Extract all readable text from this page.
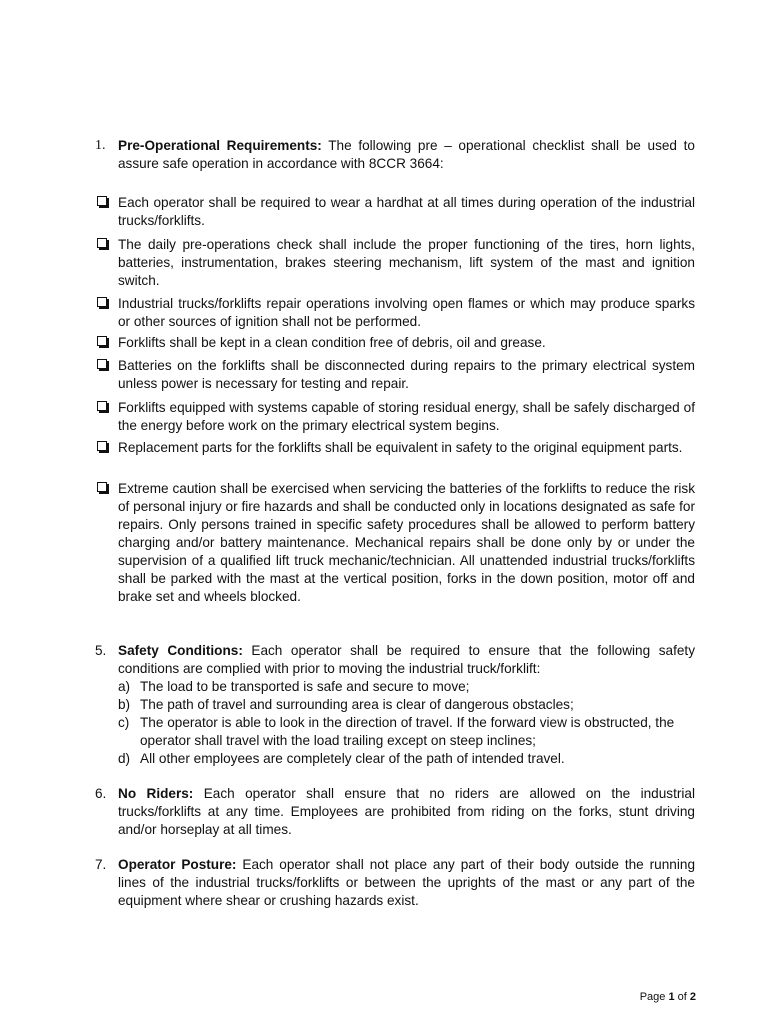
1. Pre-Operational Requirements: The following pre – operational checklist shall be used to assure safe operation in accordance with 8CCR 3664:
Each operator shall be required to wear a hardhat at all times during operation of the industrial trucks/forklifts.
The daily pre-operations check shall include the proper functioning of the tires, horn lights, batteries, instrumentation, brakes steering mechanism, lift system of the mast and ignition switch.
Industrial trucks/forklifts repair operations involving open flames or which may produce sparks or other sources of ignition shall not be performed.
Forklifts shall be kept in a clean condition free of debris, oil and grease.
Batteries on the forklifts shall be disconnected during repairs to the primary electrical system unless power is necessary for testing and repair.
Forklifts equipped with systems capable of storing residual energy, shall be safely discharged of the energy before work on the primary electrical system begins.
Replacement parts for the forklifts shall be equivalent in safety to the original equipment parts.
Extreme caution shall be exercised when servicing the batteries of the forklifts to reduce the risk of personal injury or fire hazards and shall be conducted only in locations designated as safe for repairs. Only persons trained in specific safety procedures shall be allowed to perform battery charging and/or battery maintenance. Mechanical repairs shall be done only by or under the supervision of a qualified lift truck mechanic/technician. All unattended industrial trucks/forklifts shall be parked with the mast at the vertical position, forks in the down position, motor off and brake set and wheels blocked.
5. Safety Conditions: Each operator shall be required to ensure that the following safety conditions are complied with prior to moving the industrial truck/forklift:
a) The load to be transported is safe and secure to move;
b) The path of travel and surrounding area is clear of dangerous obstacles;
c) The operator is able to look in the direction of travel. If the forward view is obstructed, the operator shall travel with the load trailing except on steep inclines;
d) All other employees are completely clear of the path of intended travel.
6. No Riders: Each operator shall ensure that no riders are allowed on the industrial trucks/forklifts at any time. Employees are prohibited from riding on the forks, stunt driving and/or horseplay at all times.
7. Operator Posture: Each operator shall not place any part of their body outside the running lines of the industrial trucks/forklifts or between the uprights of the mast or any part of the equipment where shear or crushing hazards exist.
Page 1 of 2
